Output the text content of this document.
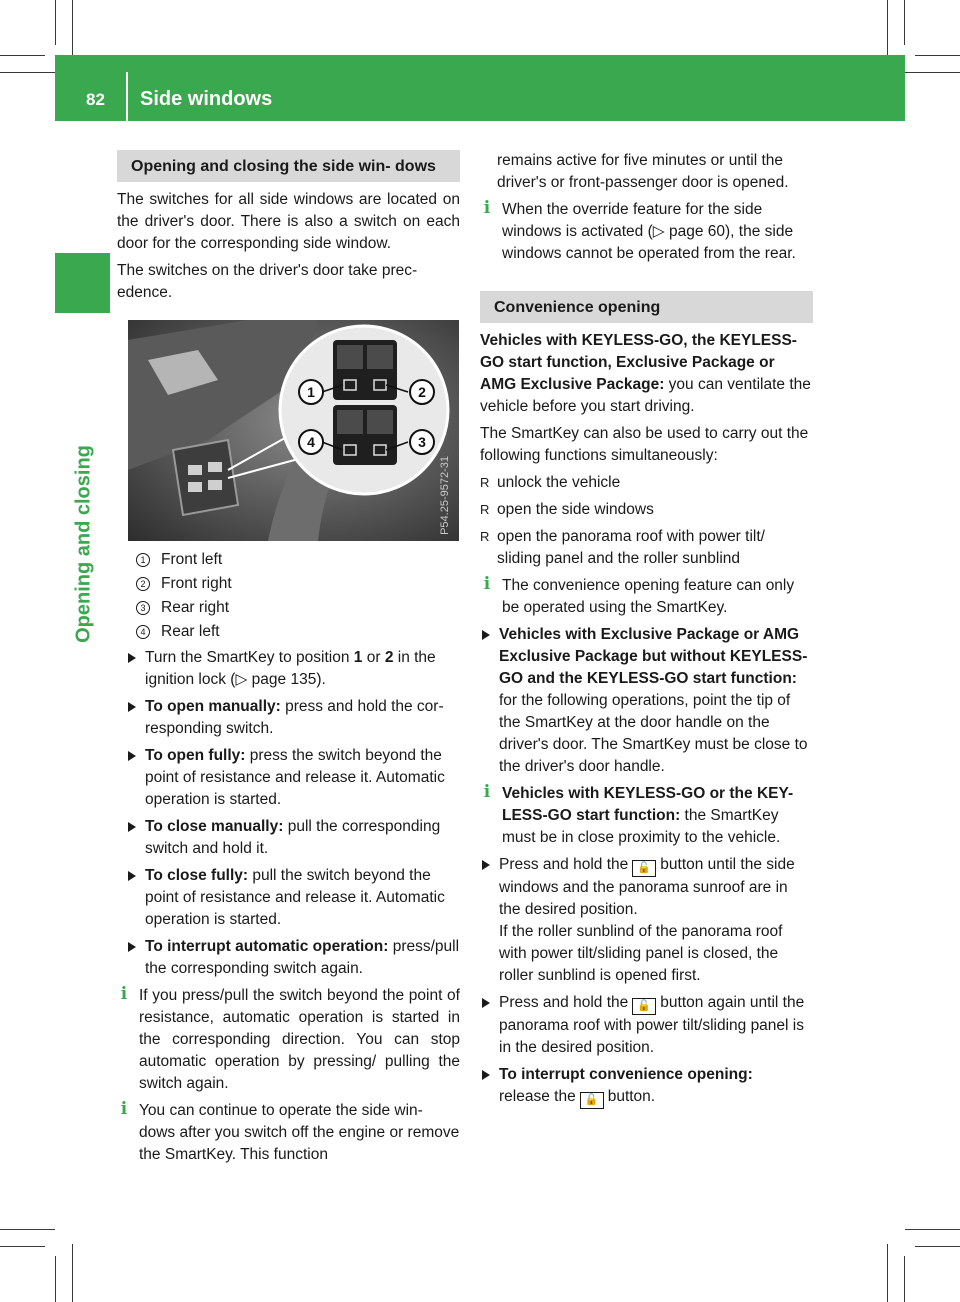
82 Side windows
Opening and closing
Opening and closing the side win- dows

The switches for all side windows are located on the driver's door. There is also a switch on each door for the corresponding side window.

The switches on the driver's door take prec- edence.

1	2
3
4
P54.25-9572-31
1 Front left
2 Front right
3 Rear right
4 Rear left
Turn the SmartKey to position 1 or 2 in the ignition lock (▷ page 135).
To open manually: press and hold the cor- responding switch.
To open fully: press the switch beyond the point of resistance and release it. Automatic operation is started.
To close manually: pull the corresponding switch and hold it.
To close fully: pull the switch beyond the point of resistance and release it. Automatic operation is started.
To interrupt automatic operation: press/pull the corresponding switch again.
i If you press/pull the switch beyond the point of resistance, automatic operation is started in the corresponding direction. You can stop automatic operation by pressing/ pulling the switch again.
i You can continue to operate the side win- dows after you switch off the engine or remove the SmartKey. This function

remains active for five minutes or until the driver's or front-passenger door is opened.

i When the override feature for the side windows is activated (▷ page 60), the side windows cannot be operated from the rear.
Convenience opening

Vehicles with KEYLESS-GO, the KEYLESS- GO start function, Exclusive Package or AMG Exclusive Package: you can ventilate the vehicle before you start driving.

The SmartKey can also be used to carry out the following functions simultaneously:

R unlock the vehicle
R open the side windows
R open the panorama roof with power tilt/ sliding panel and the roller sunblind
i The convenience opening feature can only be operated using the SmartKey.
Vehicles with Exclusive Package or AMG Exclusive Package but without KEYLESS-GO and the KEYLESS-GO start function: for the following operations, point the tip of the SmartKey at the door handle on the driver's door. The SmartKey must be close to the driver's door handle.
i Vehicles with KEYLESS-GO or the KEY- LESS-GO start function: the SmartKey must be in close proximity to the vehicle.
Press and hold the 🔓 button until the side windows and the panorama sunroof are in the desired position.
If the roller sunblind of the panorama roof with power tilt/sliding panel is closed, the roller sunblind is opened first.
Press and hold the 🔓 button again until the panorama roof with power tilt/sliding panel is in the desired position.
To interrupt convenience opening:
release the 🔓 button.
